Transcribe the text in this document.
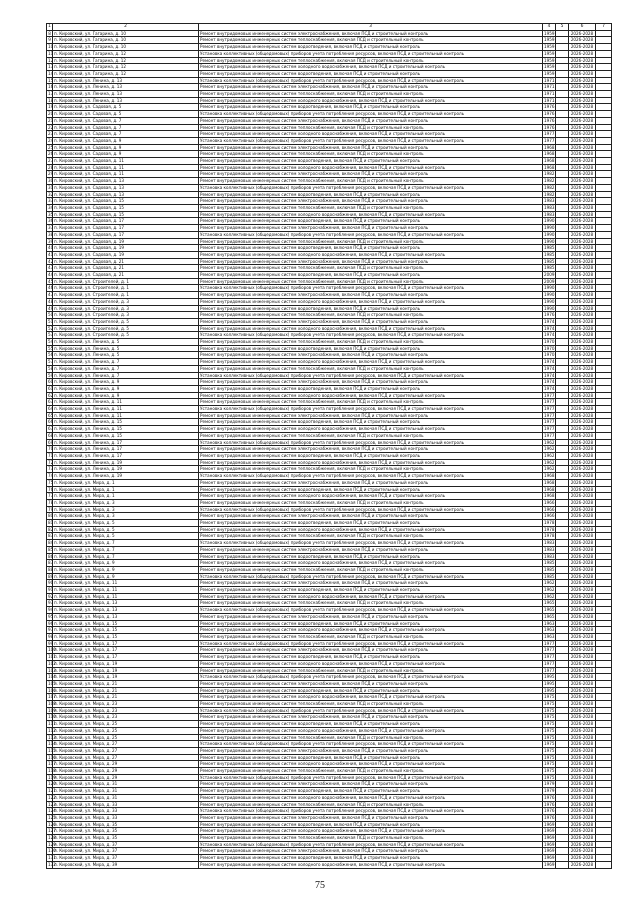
1	2	3	4	5	6	7
8	п. Кировский, ул. Гагарина, д. 10	Ремонт внутридомовых инженерных систем электроснабжения, включая ПСД и строительный контроль	1959		2026-2028	
9	п. Кировский, ул. Гагарина, д. 10	Ремонт внутридомовых инженерных систем теплоснабжения, включая ПСД и строительный контроль	1959		2026-2028	
10	п. Кировский, ул. Гагарина, д. 10	Ремонт внутридомовых инженерных систем водоотведения, включая ПСД и строительный контроль	1959		2026-2028	
11	п. Кировский, ул. Гагарина, д. 12	Установка коллективных (общедомовых) приборов учета потребления ресурсов, включая ПСД и строительный контроль	1959		2026-2028	
12	п. Кировский, ул. Гагарина, д. 12	Ремонт внутридомовых инженерных систем теплоснабжения, включая ПСД и строительный контроль	1959		2026-2028	
13	п. Кировский, ул. Гагарина, д. 12	Ремонт внутридомовых инженерных систем холодного водоснабжения, включая ПСД и строительный контроль	1959		2026-2028	
14	п. Кировский, ул. Гагарина, д. 12	Ремонт внутридомовых инженерных систем водоотведения, включая ПСД и строительный контроль	1959		2026-2028	
15	п. Кировский, ул. Ленина, д. 13	Установка коллективных (общедомовых) приборов учета потребления ресурсов, включая ПСД и строительный контроль	1971		2026-2028	
16	п. Кировский, ул. Ленина, д. 13	Ремонт внутридомовых инженерных систем электроснабжения, включая ПСД и строительный контроль	1971		2026-2028	
17	п. Кировский, ул. Ленина, д. 13	Ремонт внутридомовых инженерных систем теплоснабжения, включая ПСД и строительный контроль	1971		2026-2028	
18	п. Кировский, ул. Ленина, д. 13	Ремонт внутридомовых инженерных систем холодного водоснабжения, включая ПСД и строительный контроль	1971		2026-2028	
19	п. Кировский, ул. Садовая, д. 5	Ремонт внутридомовых инженерных систем водоотведения, включая ПСД и строительный контроль	1976		2026-2028	
20	п. Кировский, ул. Садовая, д. 5	Установка коллективных (общедомовых) приборов учета потребления ресурсов, включая ПСД и строительный контроль	1976		2026-2028	
21	п. Кировский, ул. Садовая, д. 7	Ремонт внутридомовых инженерных систем электроснабжения, включая ПСД и строительный контроль	1976		2026-2028	
22	п. Кировский, ул. Садовая, д. 7	Ремонт внутридомовых инженерных систем теплоснабжения, включая ПСД и строительный контроль	1976		2026-2028	
23	п. Кировский, ул. Садовая, д. 7	Ремонт внутридомовых инженерных систем холодного водоснабжения, включая ПСД и строительный контроль	1977		2026-2028	
24	п. Кировский, ул. Садовая, д. 9	Установка коллективных (общедомовых) приборов учета потребления ресурсов, включая ПСД и строительный контроль	1977		2026-2028	
25	п. Кировский, ул. Садовая, д. 9	Ремонт внутридомовых инженерных систем электроснабжения, включая ПСД и строительный контроль	1968		2026-2028	
26	п. Кировский, ул. Садовая, д. 9	Ремонт внутридомовых инженерных систем теплоснабжения, включая ПСД и строительный контроль	1968		2026-2028	
27	п. Кировский, ул. Садовая, д. 11	Ремонт внутридомовых инженерных систем водоотведения, включая ПСД и строительный контроль	1968		2026-2028	
28	п. Кировский, ул. Садовая, д. 11	Ремонт внутридомовых инженерных систем холодного водоснабжения, включая ПСД и строительный контроль	1968		2026-2028	
29	п. Кировский, ул. Садовая, д. 11	Ремонт внутридомовых инженерных систем электроснабжения, включая ПСД и строительный контроль	1982		2026-2028	
30	п. Кировский, ул. Садовая, д. 13	Ремонт внутридомовых инженерных систем теплоснабжения, включая ПСД и строительный контроль	1982		2026-2028	
31	п. Кировский, ул. Садовая, д. 13	Установка коллективных (общедомовых) приборов учета потребления ресурсов, включая ПСД и строительный контроль	1982		2026-2028	
32	п. Кировский, ул. Садовая, д. 13	Ремонт внутридомовых инженерных систем водоотведения, включая ПСД и строительный контроль	1982		2026-2028	
33	п. Кировский, ул. Садовая, д. 15	Ремонт внутридомовых инженерных систем электроснабжения, включая ПСД и строительный контроль	1983		2026-2028	
34	п. Кировский, ул. Садовая, д. 15	Ремонт внутридомовых инженерных систем теплоснабжения, включая ПСД и строительный контроль	1983		2026-2028	
35	п. Кировский, ул. Садовая, д. 15	Ремонт внутридомовых инженерных систем холодного водоснабжения, включая ПСД и строительный контроль	1983		2026-2028	
36	п. Кировский, ул. Садовая, д. 17	Ремонт внутридомовых инженерных систем водоотведения, включая ПСД и строительный контроль	1990		2026-2028	
37	п. Кировский, ул. Садовая, д. 17	Ремонт внутридомовых инженерных систем электроснабжения, включая ПСД и строительный контроль	1990		2026-2028	
38	п. Кировский, ул. Садовая, д. 17	Установка коллективных (общедомовых) приборов учета потребления ресурсов, включая ПСД и строительный контроль	1990		2026-2028	
39	п. Кировский, ул. Садовая, д. 19	Ремонт внутридомовых инженерных систем теплоснабжения, включая ПСД и строительный контроль	1990		2026-2028	
40	п. Кировский, ул. Садовая, д. 19	Ремонт внутридомовых инженерных систем водоотведения, включая ПСД и строительный контроль	1985		2026-2028	
41	п. Кировский, ул. Садовая, д. 19	Ремонт внутридомовых инженерных систем холодного водоснабжения, включая ПСД и строительный контроль	1985		2026-2028	
42	п. Кировский, ул. Садовая, д. 21	Ремонт внутридомовых инженерных систем электроснабжения, включая ПСД и строительный контроль	1985		2026-2028	
43	п. Кировский, ул. Садовая, д. 21	Ремонт внутридомовых инженерных систем теплоснабжения, включая ПСД и строительный контроль	1985		2026-2028	
44	п. Кировский, ул. Садовая, д. 21	Ремонт внутридомовых инженерных систем водоотведения, включая ПСД и строительный контроль	2009		2026-2028	
45	п. Кировский, ул. Строителей, д. 1	Ремонт внутридомовых инженерных систем теплоснабжения, включая ПСД и строительный контроль	2009		2026-2028	
46	п. Кировский, ул. Строителей, д. 1	Установка коллективных (общедомовых) приборов учета потребления ресурсов, включая ПСД и строительный контроль	1990		2026-2028	
47	п. Кировский, ул. Строителей, д. 1	Ремонт внутридомовых инженерных систем электроснабжения, включая ПСД и строительный контроль	1990		2026-2028	
48	п. Кировский, ул. Строителей, д. 3	Ремонт внутридомовых инженерных систем холодного водоснабжения, включая ПСД и строительный контроль	1990		2026-2028	
49	п. Кировский, ул. Строителей, д. 3	Ремонт внутридомовых инженерных систем водоотведения, включая ПСД и строительный контроль	1990		2026-2028	
50	п. Кировский, ул. Строителей, д. 3	Ремонт внутридомовых инженерных систем теплоснабжения, включая ПСД и строительный контроль	1976		2026-2028	
51	п. Кировский, ул. Строителей, д. 5	Ремонт внутридомовых инженерных систем электроснабжения, включая ПСД и строительный контроль	1974		2026-2028	
52	п. Кировский, ул. Строителей, д. 5	Ремонт внутридомовых инженерных систем холодного водоснабжения, включая ПСД и строительный контроль	1974		2026-2028	
53	п. Кировский, ул. Строителей, д. 5	Установка коллективных (общедомовых) приборов учета потребления ресурсов, включая ПСД и строительный контроль	1974		2026-2028	
54	п. Кировский, ул. Ленина, д. 5	Ремонт внутридомовых инженерных систем теплоснабжения, включая ПСД и строительный контроль	1970		2026-2028	
55	п. Кировский, ул. Ленина, д. 5	Ремонт внутридомовых инженерных систем водоотведения, включая ПСД и строительный контроль	1970		2026-2028	
56	п. Кировский, ул. Ленина, д. 5	Ремонт внутридомовых инженерных систем электроснабжения, включая ПСД и строительный контроль	1970		2026-2028	
57	п. Кировский, ул. Ленина, д. 7	Ремонт внутридомовых инженерных систем холодного водоснабжения, включая ПСД и строительный контроль	1974		2026-2028	
58	п. Кировский, ул. Ленина, д. 7	Ремонт внутридомовых инженерных систем теплоснабжения, включая ПСД и строительный контроль	1974		2026-2028	
59	п. Кировский, ул. Ленина, д. 7	Установка коллективных (общедомовых) приборов учета потребления ресурсов, включая ПСД и строительный контроль	1974		2026-2028	
60	п. Кировский, ул. Ленина, д. 9	Ремонт внутридомовых инженерных систем электроснабжения, включая ПСД и строительный контроль	1974		2026-2028	
61	п. Кировский, ул. Ленина, д. 9	Ремонт внутридомовых инженерных систем водоотведения, включая ПСД и строительный контроль	1974		2026-2028	
62	п. Кировский, ул. Ленина, д. 9	Ремонт внутридомовых инженерных систем холодного водоснабжения, включая ПСД и строительный контроль	1977		2026-2028	
63	п. Кировский, ул. Ленина, д. 11	Ремонт внутридомовых инженерных систем теплоснабжения, включая ПСД и строительный контроль	1977		2026-2028	
64	п. Кировский, ул. Ленина, д. 11	Установка коллективных (общедомовых) приборов учета потребления ресурсов, включая ПСД и строительный контроль	1977		2026-2028	
65	п. Кировский, ул. Ленина, д. 11	Ремонт внутридомовых инженерных систем электроснабжения, включая ПСД и строительный контроль	1977		2026-2028	
66	п. Кировский, ул. Ленина, д. 15	Ремонт внутридомовых инженерных систем водоотведения, включая ПСД и строительный контроль	1977		2026-2028	
67	п. Кировский, ул. Ленина, д. 15	Ремонт внутридомовых инженерных систем холодного водоснабжения, включая ПСД и строительный контроль	1977		2026-2028	
68	п. Кировский, ул. Ленина, д. 15	Ремонт внутридомовых инженерных систем теплоснабжения, включая ПСД и строительный контроль	1977		2026-2028	
69	п. Кировский, ул. Ленина, д. 17	Установка коллективных (общедомовых) приборов учета потребления ресурсов, включая ПСД и строительный контроль	1962		2026-2028	
70	п. Кировский, ул. Ленина, д. 17	Ремонт внутридомовых инженерных систем электроснабжения, включая ПСД и строительный контроль	1962		2026-2028	
71	п. Кировский, ул. Ленина, д. 17	Ремонт внутридомовых инженерных систем водоотведения, включая ПСД и строительный контроль	1962		2026-2028	
72	п. Кировский, ул. Ленина, д. 19	Ремонт внутридомовых инженерных систем холодного водоснабжения, включая ПСД и строительный контроль	1962		2026-2028	
73	п. Кировский, ул. Ленина, д. 19	Ремонт внутридомовых инженерных систем теплоснабжения, включая ПСД и строительный контроль	1962		2026-2028	
74	п. Кировский, ул. Ленина, д. 19	Установка коллективных (общедомовых) приборов учета потребления ресурсов, включая ПСД и строительный контроль	1968		2026-2028	
75	п. Кировский, ул. Мира, д. 1	Ремонт внутридомовых инженерных систем электроснабжения, включая ПСД и строительный контроль	1968		2026-2028	
76	п. Кировский, ул. Мира, д. 1	Ремонт внутридомовых инженерных систем водоотведения, включая ПСД и строительный контроль	1968		2026-2028	
77	п. Кировский, ул. Мира, д. 1	Ремонт внутридомовых инженерных систем холодного водоснабжения, включая ПСД и строительный контроль	1968		2026-2028	
78	п. Кировский, ул. Мира, д. 3	Ремонт внутридомовых инженерных систем теплоснабжения, включая ПСД и строительный контроль	1966		2026-2028	
79	п. Кировский, ул. Мира, д. 3	Установка коллективных (общедомовых) приборов учета потребления ресурсов, включая ПСД и строительный контроль	1966		2026-2028	
80	п. Кировский, ул. Мира, д. 3	Ремонт внутридомовых инженерных систем электроснабжения, включая ПСД и строительный контроль	1966		2026-2028	
81	п. Кировский, ул. Мира, д. 5	Ремонт внутридомовых инженерных систем водоотведения, включая ПСД и строительный контроль	1978		2026-2028	
82	п. Кировский, ул. Мира, д. 5	Ремонт внутридомовых инженерных систем холодного водоснабжения, включая ПСД и строительный контроль	1978		2026-2028	
83	п. Кировский, ул. Мира, д. 5	Ремонт внутридомовых инженерных систем теплоснабжения, включая ПСД и строительный контроль	1978		2026-2028	
84	п. Кировский, ул. Мира, д. 7	Установка коллективных (общедомовых) приборов учета потребления ресурсов, включая ПСД и строительный контроль	1983		2026-2028	
85	п. Кировский, ул. Мира, д. 7	Ремонт внутридомовых инженерных систем электроснабжения, включая ПСД и строительный контроль	1983		2026-2028	
86	п. Кировский, ул. Мира, д. 7	Ремонт внутридомовых инженерных систем водоотведения, включая ПСД и строительный контроль	1983		2026-2028	
87	п. Кировский, ул. Мира, д. 9	Ремонт внутридомовых инженерных систем холодного водоснабжения, включая ПСД и строительный контроль	1985		2026-2028	
88	п. Кировский, ул. Мира, д. 9	Ремонт внутридомовых инженерных систем теплоснабжения, включая ПСД и строительный контроль	1985		2026-2028	
89	п. Кировский, ул. Мира, д. 9	Установка коллективных (общедомовых) приборов учета потребления ресурсов, включая ПСД и строительный контроль	1985		2026-2028	
90	п. Кировский, ул. Мира, д. 11	Ремонт внутридомовых инженерных систем электроснабжения, включая ПСД и строительный контроль	1962		2026-2028	
91	п. Кировский, ул. Мира, д. 11	Ремонт внутридомовых инженерных систем водоотведения, включая ПСД и строительный контроль	1962		2026-2028	
92	п. Кировский, ул. Мира, д. 11	Ремонт внутридомовых инженерных систем холодного водоснабжения, включая ПСД и строительный контроль	1962		2026-2028	
93	п. Кировский, ул. Мира, д. 13	Ремонт внутридомовых инженерных систем теплоснабжения, включая ПСД и строительный контроль	1965		2026-2028	
94	п. Кировский, ул. Мира, д. 13	Установка коллективных (общедомовых) приборов учета потребления ресурсов, включая ПСД и строительный контроль	1965		2026-2028	
95	п. Кировский, ул. Мира, д. 13	Ремонт внутридомовых инженерных систем электроснабжения, включая ПСД и строительный контроль	1965		2026-2028	
96	п. Кировский, ул. Мира, д. 15	Ремонт внутридомовых инженерных систем водоотведения, включая ПСД и строительный контроль	1963		2026-2028	
97	п. Кировский, ул. Мира, д. 15	Ремонт внутридомовых инженерных систем холодного водоснабжения, включая ПСД и строительный контроль	1963		2026-2028	
98	п. Кировский, ул. Мира, д. 15	Ремонт внутридомовых инженерных систем теплоснабжения, включая ПСД и строительный контроль	1963		2026-2028	
99	п. Кировский, ул. Мира, д. 17	Установка коллективных (общедомовых) приборов учета потребления ресурсов, включая ПСД и строительный контроль	1977		2026-2028	
100	п. Кировский, ул. Мира, д. 17	Ремонт внутридомовых инженерных систем электроснабжения, включая ПСД и строительный контроль	1977		2026-2028	
101	п. Кировский, ул. Мира, д. 17	Ремонт внутридомовых инженерных систем водоотведения, включая ПСД и строительный контроль	1977		2026-2028	
102	п. Кировский, ул. Мира, д. 19	Ремонт внутридомовых инженерных систем холодного водоснабжения, включая ПСД и строительный контроль	1977		2026-2028	
103	п. Кировский, ул. Мира, д. 19	Ремонт внутридомовых инженерных систем теплоснабжения, включая ПСД и строительный контроль	1977		2026-2028	
104	п. Кировский, ул. Мира, д. 19	Установка коллективных (общедомовых) приборов учета потребления ресурсов, включая ПСД и строительный контроль	1995		2026-2028	
105	п. Кировский, ул. Мира, д. 21	Ремонт внутридомовых инженерных систем электроснабжения, включая ПСД и строительный контроль	1995		2026-2028	
106	п. Кировский, ул. Мира, д. 21	Ремонт внутридомовых инженерных систем водоотведения, включая ПСД и строительный контроль	1995		2026-2028	
107	п. Кировский, ул. Мира, д. 21	Ремонт внутридомовых инженерных систем холодного водоснабжения, включая ПСД и строительный контроль	1975		2026-2028	
108	п. Кировский, ул. Мира, д. 23	Ремонт внутридомовых инженерных систем теплоснабжения, включая ПСД и строительный контроль	1975		2026-2028	
109	п. Кировский, ул. Мира, д. 23	Установка коллективных (общедомовых) приборов учета потребления ресурсов, включая ПСД и строительный контроль	1975		2026-2028	
110	п. Кировский, ул. Мира, д. 23	Ремонт внутридомовых инженерных систем электроснабжения, включая ПСД и строительный контроль	1975		2026-2028	
111	п. Кировский, ул. Мира, д. 25	Ремонт внутридомовых инженерных систем водоотведения, включая ПСД и строительный контроль	1975		2026-2028	
112	п. Кировский, ул. Мира, д. 25	Ремонт внутридомовых инженерных систем холодного водоснабжения, включая ПСД и строительный контроль	1975		2026-2028	
113	п. Кировский, ул. Мира, д. 25	Ремонт внутридомовых инженерных систем теплоснабжения, включая ПСД и строительный контроль	1975		2026-2028	
114	п. Кировский, ул. Мира, д. 27	Установка коллективных (общедомовых) приборов учета потребления ресурсов, включая ПСД и строительный контроль	1975		2026-2028	
115	п. Кировский, ул. Мира, д. 27	Ремонт внутридомовых инженерных систем электроснабжения, включая ПСД и строительный контроль	1975		2026-2028	
116	п. Кировский, ул. Мира, д. 27	Ремонт внутридомовых инженерных систем водоотведения, включая ПСД и строительный контроль	1975		2026-2028	
117	п. Кировский, ул. Мира, д. 29	Ремонт внутридомовых инженерных систем холодного водоснабжения, включая ПСД и строительный контроль	1975		2026-2028	
118	п. Кировский, ул. Мира, д. 29	Ремонт внутридомовых инженерных систем теплоснабжения, включая ПСД и строительный контроль	1975		2026-2028	
119	п. Кировский, ул. Мира, д. 29	Установка коллективных (общедомовых) приборов учета потребления ресурсов, включая ПСД и строительный контроль	1975		2026-2028	
120	п. Кировский, ул. Мира, д. 31	Ремонт внутридомовых инженерных систем электроснабжения, включая ПСД и строительный контроль	1979		2026-2028	
121	п. Кировский, ул. Мира, д. 31	Ремонт внутридомовых инженерных систем водоотведения, включая ПСД и строительный контроль	1979		2026-2028	
122	п. Кировский, ул. Мира, д. 31	Ремонт внутридомовых инженерных систем холодного водоснабжения, включая ПСД и строительный контроль	1976		2026-2028	
123	п. Кировский, ул. Мира, д. 33	Ремонт внутридомовых инженерных систем теплоснабжения, включая ПСД и строительный контроль	1976		2026-2028	
124	п. Кировский, ул. Мира, д. 33	Установка коллективных (общедомовых) приборов учета потребления ресурсов, включая ПСД и строительный контроль	1976		2026-2028	
125	п. Кировский, ул. Мира, д. 33	Ремонт внутридомовых инженерных систем электроснабжения, включая ПСД и строительный контроль	1976		2026-2028	
126	п. Кировский, ул. Мира, д. 35	Ремонт внутридомовых инженерных систем водоотведения, включая ПСД и строительный контроль	1969		2026-2028	
127	п. Кировский, ул. Мира, д. 35	Ремонт внутридомовых инженерных систем холодного водоснабжения, включая ПСД и строительный контроль	1969		2026-2028	
128	п. Кировский, ул. Мира, д. 35	Ремонт внутридомовых инженерных систем теплоснабжения, включая ПСД и строительный контроль	1969		2026-2028	
129	п. Кировский, ул. Мира, д. 37	Установка коллективных (общедомовых) приборов учета потребления ресурсов, включая ПСД и строительный контроль	1969		2026-2028	
130	п. Кировский, ул. Мира, д. 37	Ремонт внутридомовых инженерных систем электроснабжения, включая ПСД и строительный контроль	1969		2026-2028	
131	п. Кировский, ул. Мира, д. 37	Ремонт внутридомовых инженерных систем водоотведения, включая ПСД и строительный контроль	1969		2026-2028	
132	п. Кировский, ул. Мира, д. 39	Ремонт внутридомовых инженерных систем холодного водоснабжения, включая ПСД и строительный контроль	1969		2026-2028	
75
